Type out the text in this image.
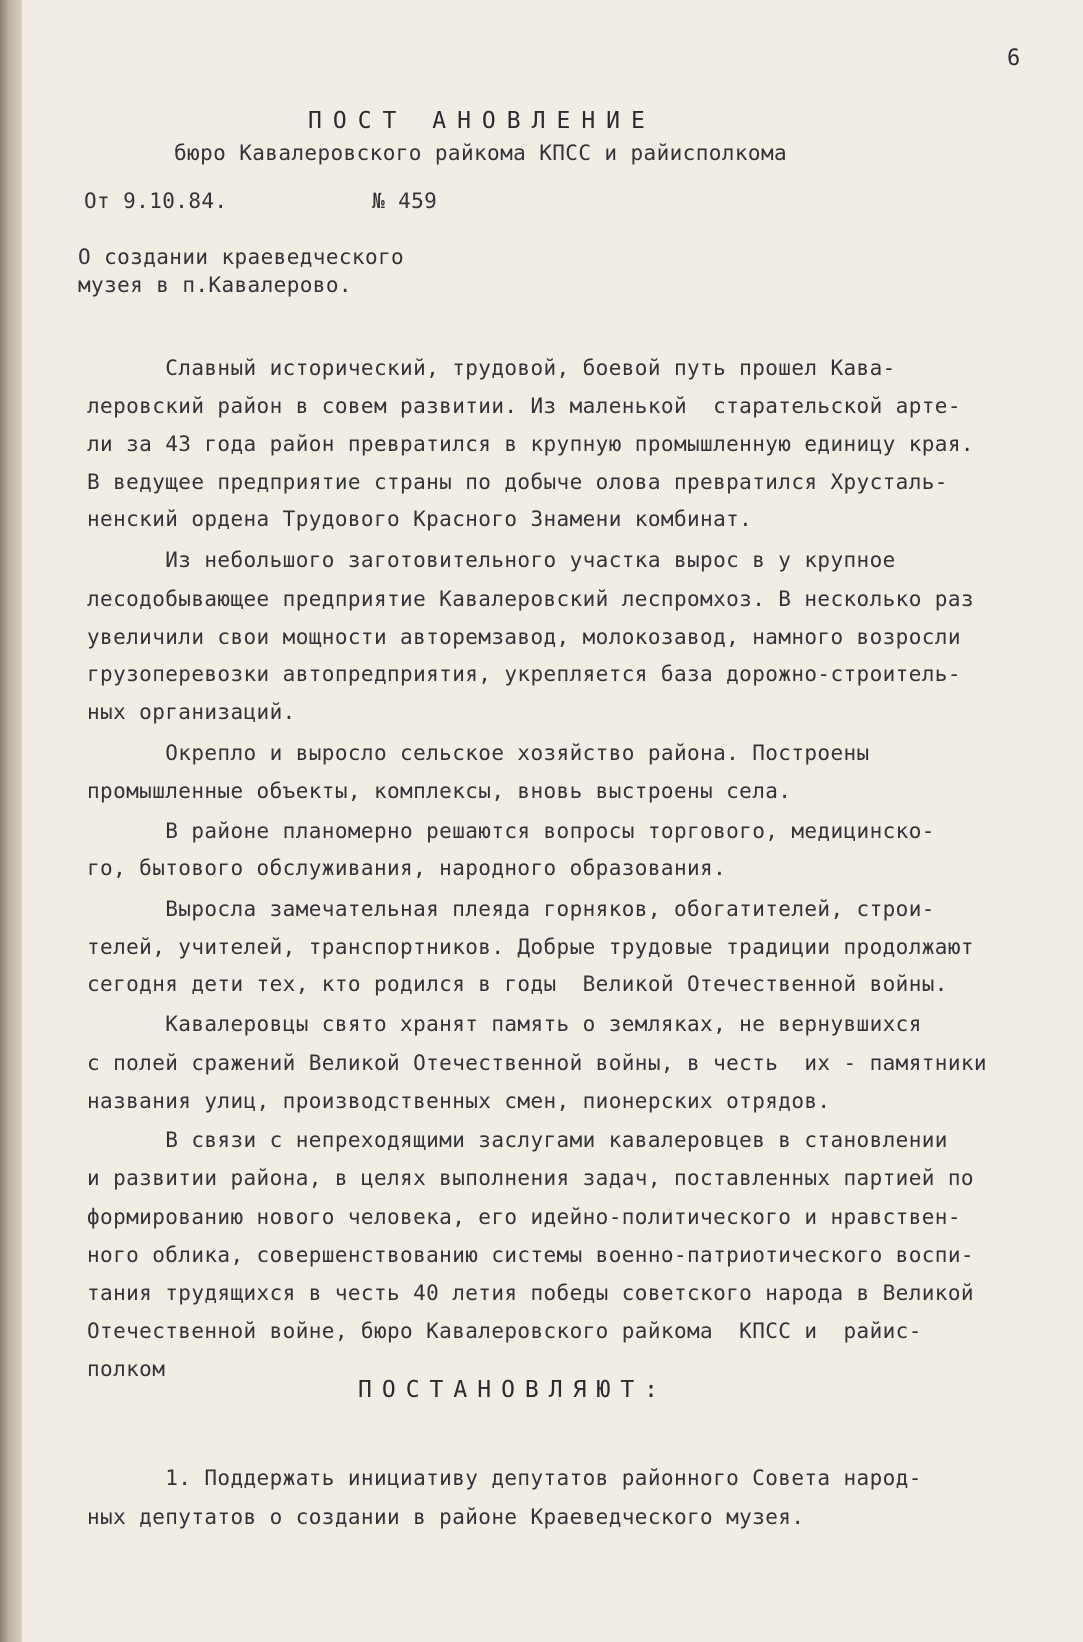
6
ПОСТ АНОВЛЕНИЕ
бюро Кавалеровского райкома КПСС и райисполкома
От 9.10.84.	№ 459
О создании краеведческого
музея в п.Кавалерово.
Славный исторический, трудовой, боевой путь прошел Кава-
леровский район в совем развитии. Из маленькой  старательской арте-
ли за 43 года район превратился в крупную промышленную единицу края.
В ведущее предприятие страны по добыче олова превратился Хрусталь-
ненский ордена Трудового Красного Знамени комбинат.
Из небольшого заготовительного участка вырос в у крупное
лесодобывающее предприятие Кавалеровский леспромхоз. В несколько раз
увеличили свои мощности авторемзавод, молокозавод, намного возросли
грузоперевозки автопредприятия, укрепляется база дорожно-строитель-
ных организаций.
Окрепло и выросло сельское хозяйство района. Построены
промышленные объекты, комплексы, вновь выстроены села.
В районе планомерно решаются вопросы торгового, медицинско-
го, бытового обслуживания, народного образования.
Выросла замечательная плеяда горняков, обогатителей, строи-
телей, учителей, транспортников. Добрые трудовые традиции продолжают
сегодня дети тех, кто родился в годы  Великой Отечественной войны.
Кавалеровцы свято хранят память о земляках, не вернувшихся
с полей сражений Великой Отечественной войны, в честь  их - памятники
названия улиц, производственных смен, пионерских отрядов.
В связи с непреходящими заслугами кавалеровцев в становлении
и развитии района, в целях выполнения задач, поставленных партией по
формированию нового человека, его идейно-политического и нравствен-
ного облика, совершенствованию системы военно-патриотического воспи-
тания трудящихся в честь 40 летия победы советского народа в Великой
Отечественной войне, бюро Кавалеровского райкома  КПСС и  райис-
полком
ПОСТАНОВЛЯЮТ:
1. Поддержать инициативу депутатов районного Совета народ-
ных депутатов о создании в районе Краеведческого музея.
